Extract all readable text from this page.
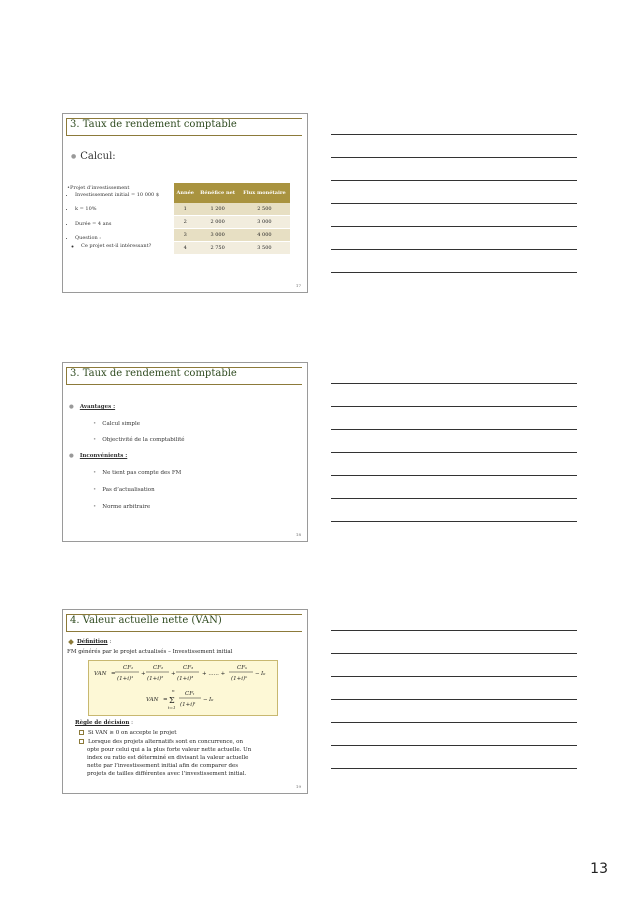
3. Taux de rendement comptable
● Calcul:
•Projet d’investissement
• Investissement initial = 10 000 $
• k = 10%
• Durée = 4 ans
• Question :
◦ Ce projet est-il intéressant?
Année	Bénéfice net	Flux monétaire
1	1 200	2 500
2	2 000	3 000
3	3 000	4 000
4	2 750	3 500
17
3. Taux de rendement comptable
● Avantages :
• Calcul simple
• Objectivité de la comptabilité
● Inconvénients :
• Ne tient pas compte des FM
• Pas d’actualisation
• Norme arbitraire
18
4. Valeur actuelle nette (VAN)
Définition :
FM générés par le projet actualisés – Investissement initial
VAN =
CF₁
(1+i)¹
+
CF₂
(1+i)²
+
CF₃
(1+i)³
+ ...... +
CFₙ
(1+i)ⁿ
− I₀
VAN =
n
Σ
t=1
CFₜ
(1+i)ᵗ
− I₀
Règle de décision :
Si VAN ≥ 0 on accepte le projet
Lorsque des projets alternatifs sont en concurrence, on
opte pour celui qui a la plus forte valeur nette actuelle. Un
index ou ratio est déterminé en divisant la valeur actuelle
nette par l’investissement initial afin de comparer des
projets de tailles différentes avec l’investissement initial.
19
13
